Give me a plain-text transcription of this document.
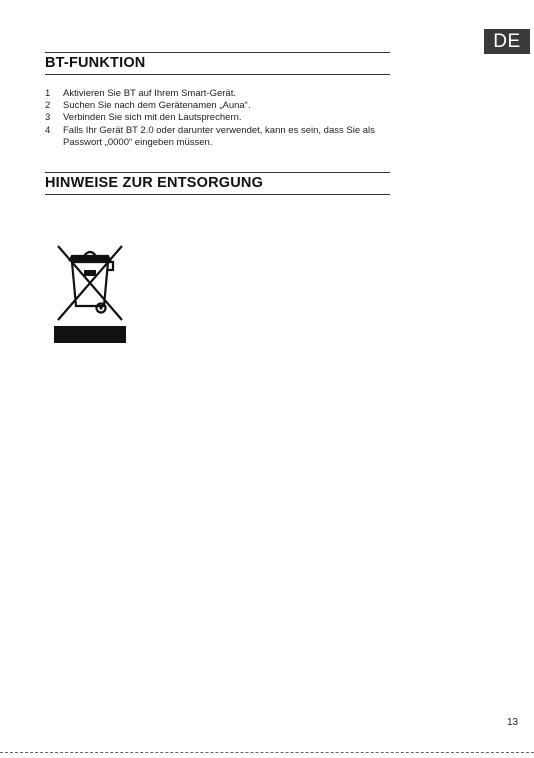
DE
BT-FUNKTION
1 Aktivieren Sie BT auf Ihrem Smart-Gerät.
2 Suchen Sie nach dem Gerätenamen „Auna“.
3 Verbinden Sie sich mit den Lautsprechern.
4 Falls Ihr Gerät BT 2.0 oder darunter verwendet, kann es sein, dass Sie als Passwort „0000“ eingeben müssen.
HINWEISE ZUR ENTSORGUNG
13
